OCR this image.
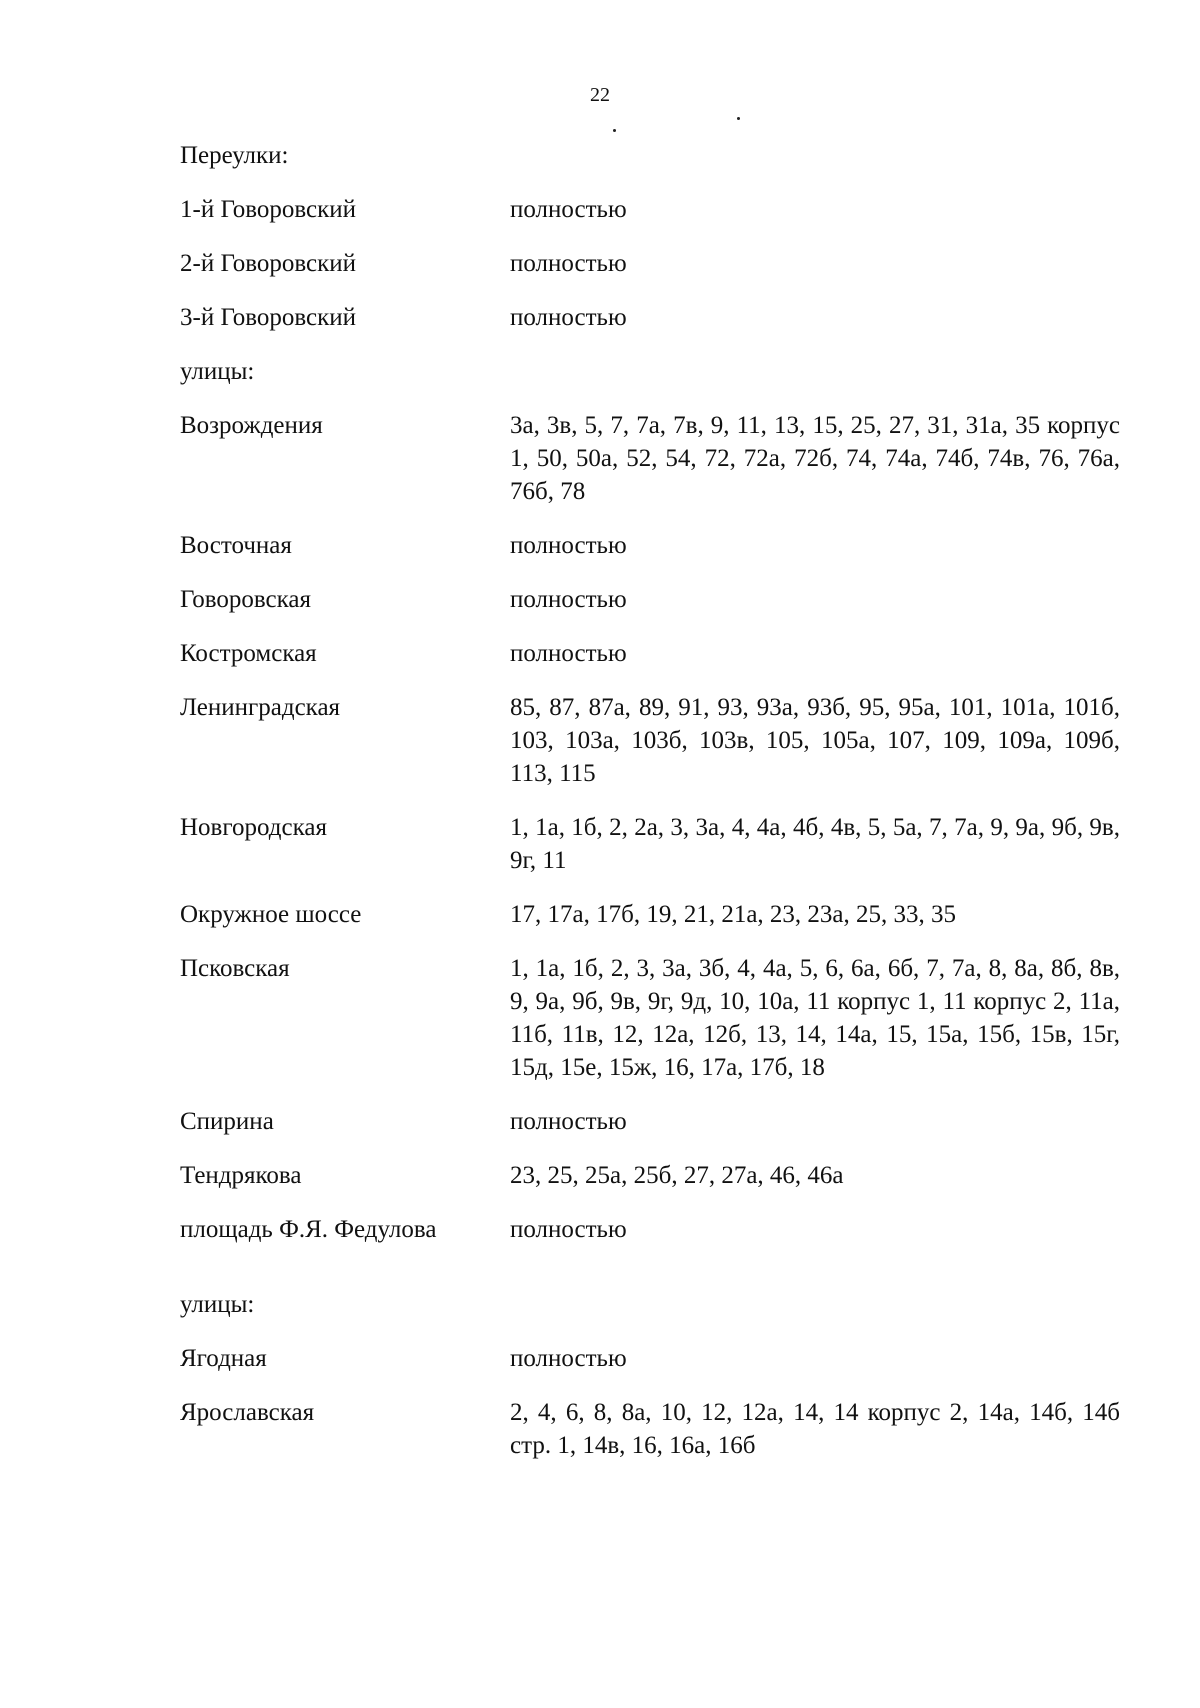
22
Переулки:
1-й Говоровский	полностью
2-й Говоровский	полностью
3-й Говоровский	полностью
улицы:
Возрождения	3а, 3в, 5, 7, 7а, 7в, 9, 11, 13, 15, 25, 27, 31, 31а, 35 корпус 1, 50, 50а, 52, 54, 72, 72а, 72б, 74, 74а, 74б, 74в, 76, 76а, 76б, 78
Восточная	полностью
Говоровская	полностью
Костромская	полностью
Ленинградская	85, 87, 87а, 89, 91, 93, 93а, 93б, 95, 95а, 101, 101а, 101б, 103, 103а, 103б, 103в, 105, 105а, 107, 109, 109а, 109б, 113, 115
Новгородская	1, 1а, 1б, 2, 2а, 3, 3а, 4, 4а, 4б, 4в, 5, 5а, 7, 7а, 9, 9а, 9б, 9в, 9г, 11
Окружное шоссе	17, 17а, 17б, 19, 21, 21а, 23, 23а, 25, 33, 35
Псковская	1, 1а, 1б, 2, 3, 3а, 3б, 4, 4а, 5, 6, 6а, 6б, 7, 7а, 8, 8а, 8б, 8в, 9, 9а, 9б, 9в, 9г, 9д, 10, 10а, 11 корпус 1, 11 корпус 2, 11а, 11б, 11в, 12, 12а, 12б, 13, 14, 14а, 15, 15а, 15б, 15в, 15г, 15д, 15е, 15ж, 16, 17а, 17б, 18
Спирина	полностью
Тендрякова	23, 25, 25а, 25б, 27, 27а, 46, 46а
площадь Ф.Я. Федулова	полностью
улицы:
Ягодная	полностью
Ярославская	2, 4, 6, 8, 8а, 10, 12, 12а, 14, 14 корпус 2, 14а, 14б, 14б стр. 1, 14в, 16, 16а, 16б
